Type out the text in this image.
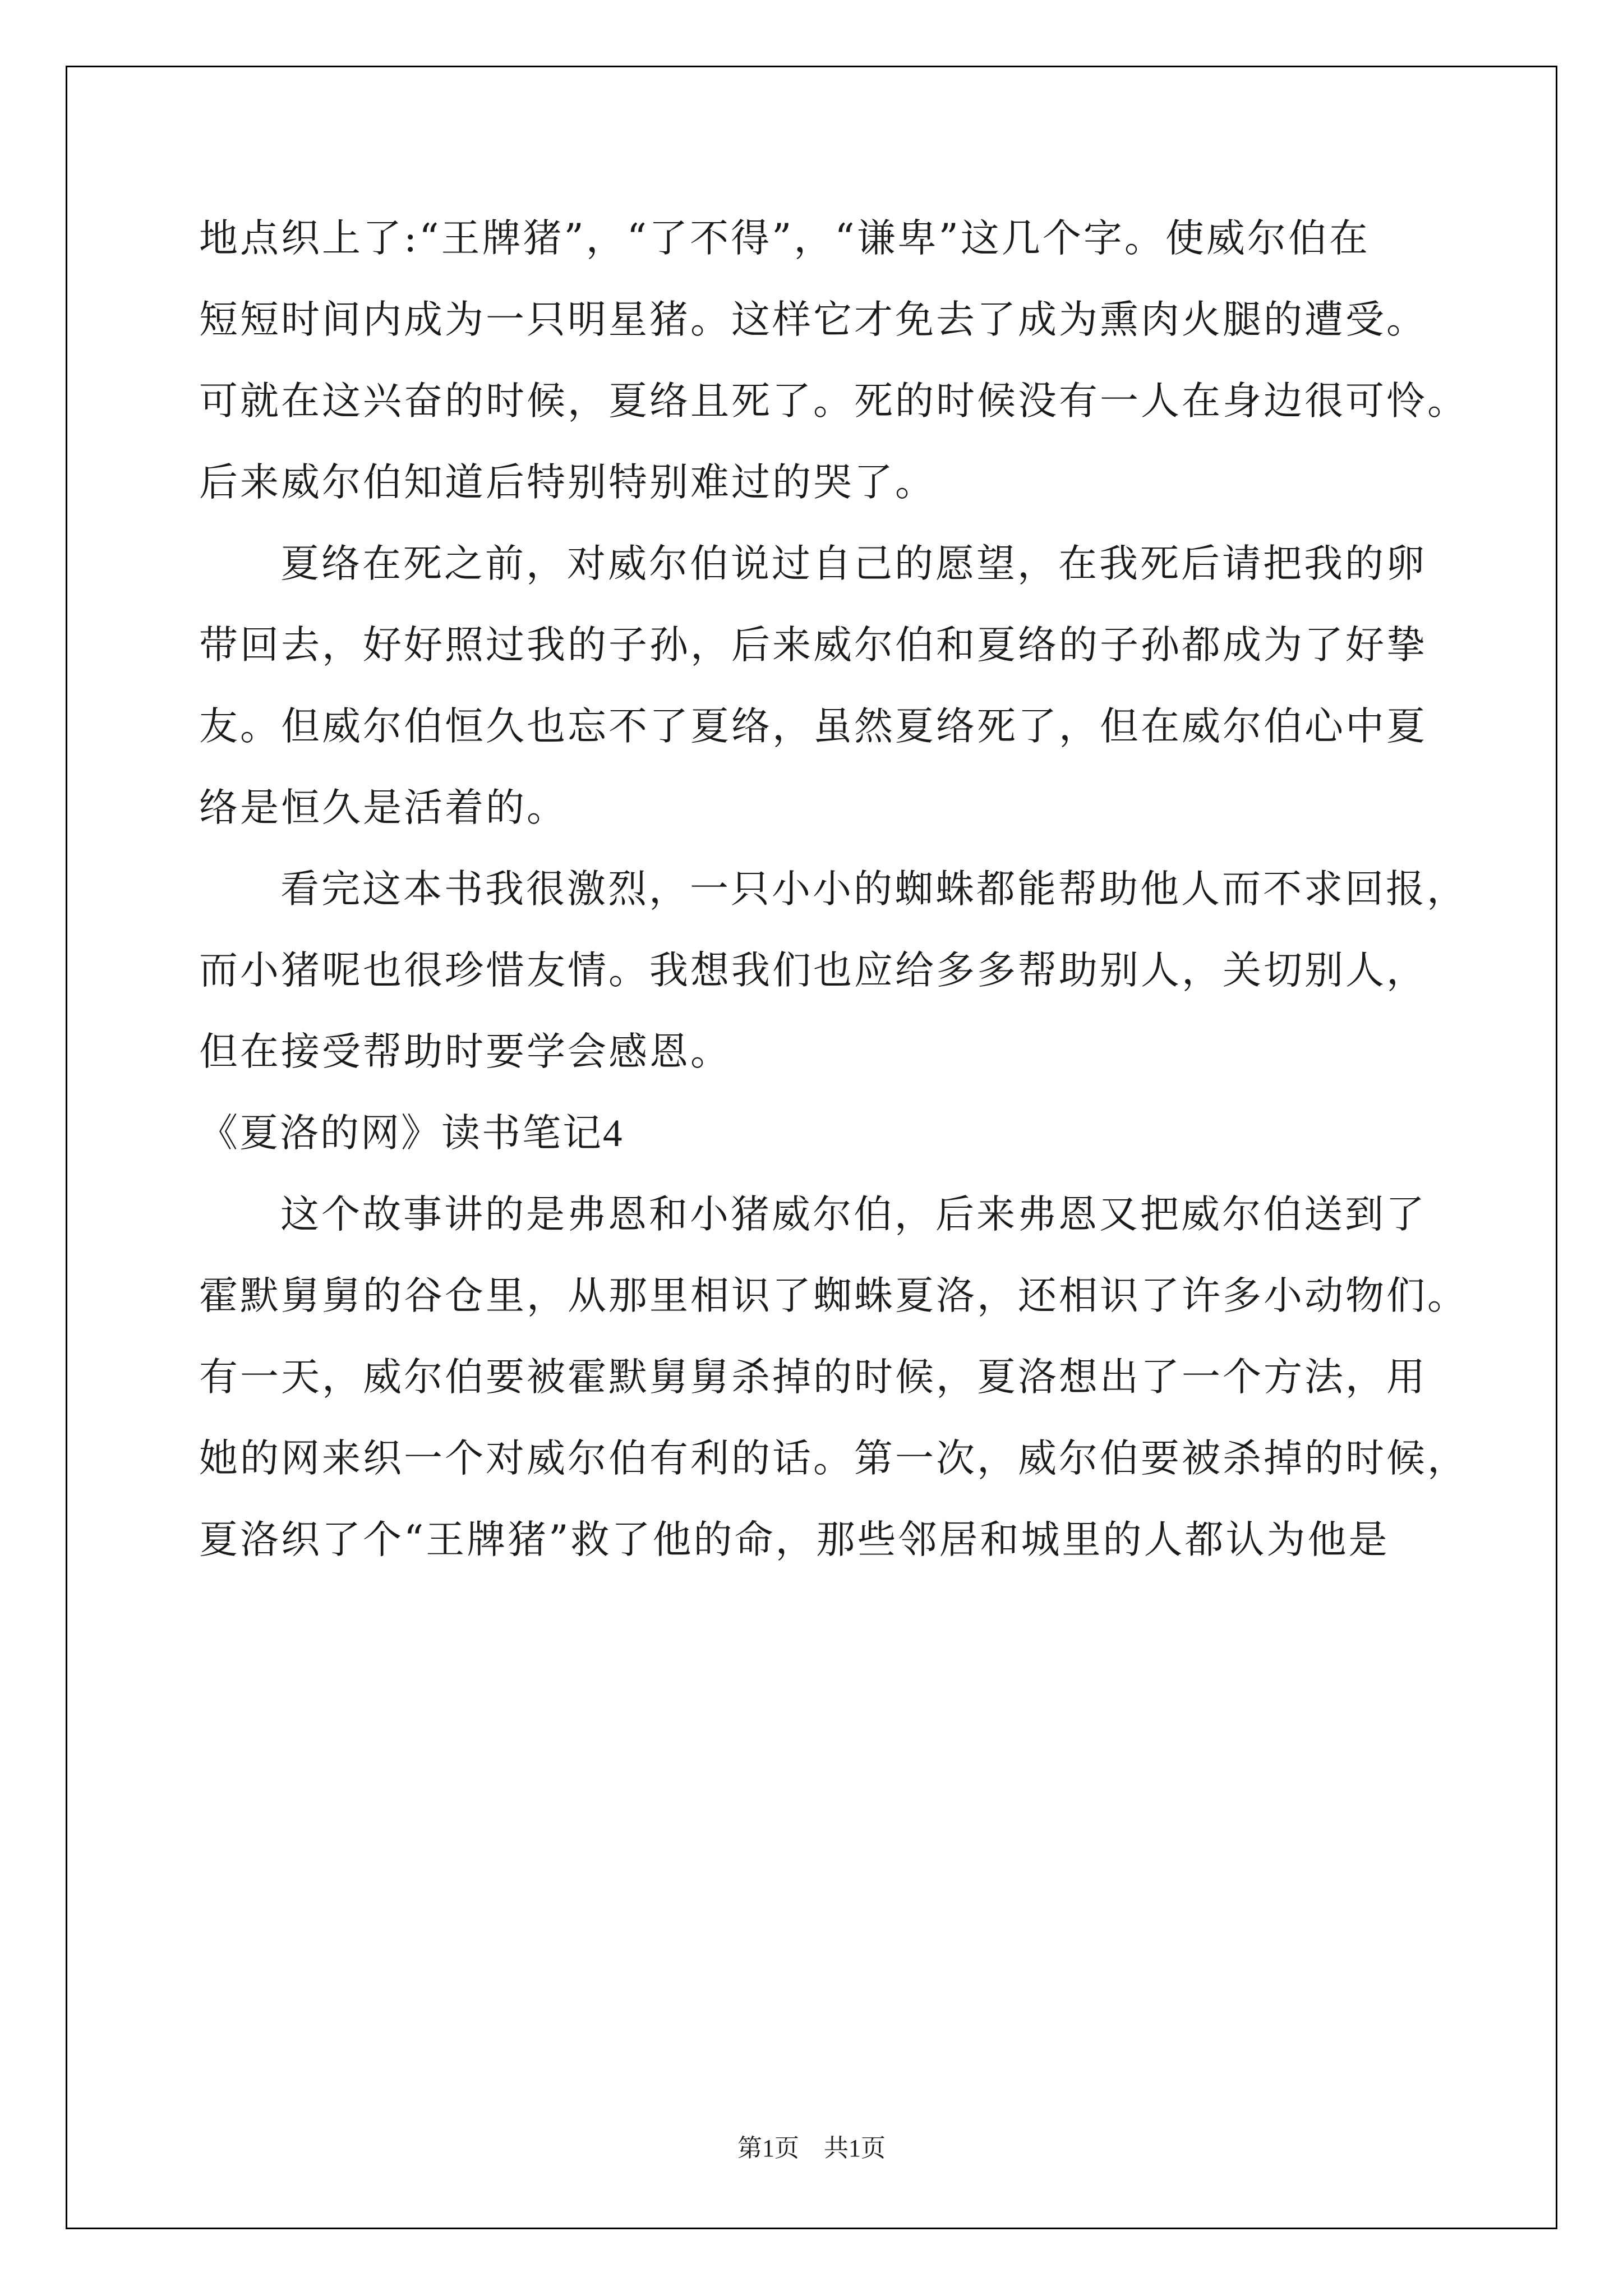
地点织上了:“王牌猪”，“了不得”，“谦卑”这几个字。使威尔伯在
短短时间内成为一只明星猪。这样它才免去了成为熏肉火腿的遭受。
可就在这兴奋的时候，夏络且死了。死的时候没有一人在身边很可怜。
后来威尔伯知道后特别特别难过的哭了。
夏络在死之前，对威尔伯说过自己的愿望，在我死后请把我的卵
带回去，好好照过我的子孙，后来威尔伯和夏络的子孙都成为了好挚
友。但威尔伯恒久也忘不了夏络，虽然夏络死了，但在威尔伯心中夏
络是恒久是活着的。
看完这本书我很激烈，一只小小的蜘蛛都能帮助他人而不求回报，
而小猪呢也很珍惜友情。我想我们也应给多多帮助别人，关切别人，
但在接受帮助时要学会感恩。
《夏洛的网》读书笔记4
这个故事讲的是弗恩和小猪威尔伯，后来弗恩又把威尔伯送到了
霍默舅舅的谷仓里，从那里相识了蜘蛛夏洛，还相识了许多小动物们。
有一天，威尔伯要被霍默舅舅杀掉的时候，夏洛想出了一个方法，用
她的网来织一个对威尔伯有利的话。第一次，威尔伯要被杀掉的时候，
夏洛织了个“王牌猪”救了他的命，那些邻居和城里的人都认为他是
第1页 共1页
